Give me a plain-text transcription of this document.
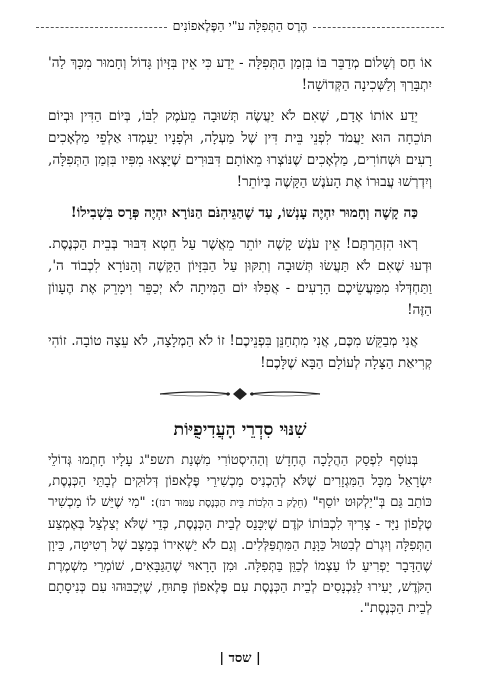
הֶרֶס הַתְּפִלָּה ע"י הַפֶּלֶאפוֹנִים

אוֹ חַס וְשָׁלוֹם מְדַבֵּר בּוֹ בִּזְמַן הַתְּפִלָּה - יֵדַע כִּי אֵין בִּזָּיוֹן גָּדוֹל וְחָמוּר מִכָּךְ לַה' יִתְבָּרַךְ וְלַשְּׁכִינָה הַקְּדוֹשָׁה!

יֵדַע אוֹתוֹ אָדָם, שֶׁאִם לֹא יַעֲשֶׂה תְּשׁוּבָה מֵעֹמֶק לִבּוֹ, בְּיוֹם הַדִּין וּבְיוֹם תּוֹכֵחָה הוּא יַעֲמֹד לִפְנֵי בֵּית דִּין שֶׁל מַעְלָה, וּלְפָנָיו יַעַמְדוּ אַלְפֵי מַלְאָכִים רָעִים וּשְׁחוֹרִים, מַלְאָכִים שֶׁנּוֹצְרוּ מֵאוֹתָם דִּבּוּרִים שֶׁיָּצְאוּ מִפִּיו בִּזְמַן הַתְּפִלָּה, וְיִדְרְשׁוּ עֲבוּרוֹ אֶת הָעֹנֶשׁ הַקָּשֶׁה בְּיוֹתֵר!

כַּה קָשֶׁה וְחָמוּר יִהְיֶה עָנְשׁוֹ, עַד שֶׁהַגֵּיהִנֹּם הַנּוֹרָא יִהְיֶה פְּרָס בִּשְׁבִילוֹ!

רְאוּ הִזְהַרְתֶּם! אֵין עֹנֶשׁ קָשֶׁה יוֹתֵר מֵאֲשֶׁר עַל חֵטְא דִּבּוּר בְּבֵית הַכְּנֶסֶת. וּדְעוּ שֶׁאִם לֹא תַּעֲשׂוּ תְּשׁוּבָה וְתִקּוּן עַל הַבִּזָּיוֹן הַקָּשֶׁה וְהַנּוֹרָא לִכְבוֹד ה', וַתַּחְדְּלוּ מִמַּעֲשֵׂיכֶם הָרָעִים - אֲפִלּוּ יוֹם הַמִּיתָה לֹא יְכַפֵּר וִימָרֵק אֶת הֶעָווֹן הַזֶּה!

אֲנִי מְבַקֵּשׁ מִכֶּם, אֲנִי מִתְחַנֵּן בִּפְנֵיכֶם! זוֹ לֹא הַמְלָצָה, לֹא עֵצָה טוֹבָה. זוֹהִי קְרִיאַת הַצָּלָה לְעוֹלָם הַבָּא שֶׁלָּכֶם!

שִׁנּוּי סִדְרֵי הָעֲדִיפֻיּוֹת

בְּנוֹסָף לִפְסַק הַהֲלָכָה הֶחָדָשׁ וְהַהִיסְטוֹרִי מִשְּׁנַת תשפ"ג עָלָיו חָתְמוּ גְּדוֹלֵי יִשְׂרָאֵל מִכָּל הַמִּגְזָרִים שֶׁלֹּא לְהַכְנִיס מַכְשִׁירֵי פֶּלֶאפוֹן דְּלוּקִים לְבָתֵּי הַכְּנֶסֶת, כּוֹתֵב גַּם בְּ"יַלְקוּט יוֹסֵף" (חֵלֶק ב הִלְכוֹת בֵּית הַכְּנֶסֶת עַמּוּד רנז): "מִי שֶׁיֵּשׁ לוֹ מַכְשִׁיר טֶלֶפוֹן נַיָּד - צָרִיךְ לִכְבּוֹתוֹ קֹדֶם שֶׁיִּכָּנֵס לְבֵית הַכְּנֶסֶת, כְּדֵי שֶׁלֹּא יְצַלְצֵל בְּאֶמְצַע הַתְּפִלָּה וְיִגְרֹם לְבִטּוּל כַּוָּנַת הַמִּתְפַּלְּלִים. וְגַם לֹא יַשְׁאִירוֹ בְּמַצָּב שֶׁל רְטִיטָה, כֵּיוָן שֶׁהַדָּבָר יַפְרִיעַ לוֹ עַצְמוֹ לְכַוֵּן בַּתְּפִלָּה. וּמִן הָרָאוּי שֶׁהַגַּבָּאִים, שׁוֹמְרֵי מִשְׁמֶרֶת הַקֹּדֶשׁ, יָעִירוּ לַנִּכְנָסִים לְבֵית הַכְּנֶסֶת עִם פֶּלֶאפוֹן פָּתוּחַ, שֶׁיְּכַבּוּהוּ עִם כְּנִיסָתָם לְבֵית הַכְּנֶסֶת".

| שסד |
